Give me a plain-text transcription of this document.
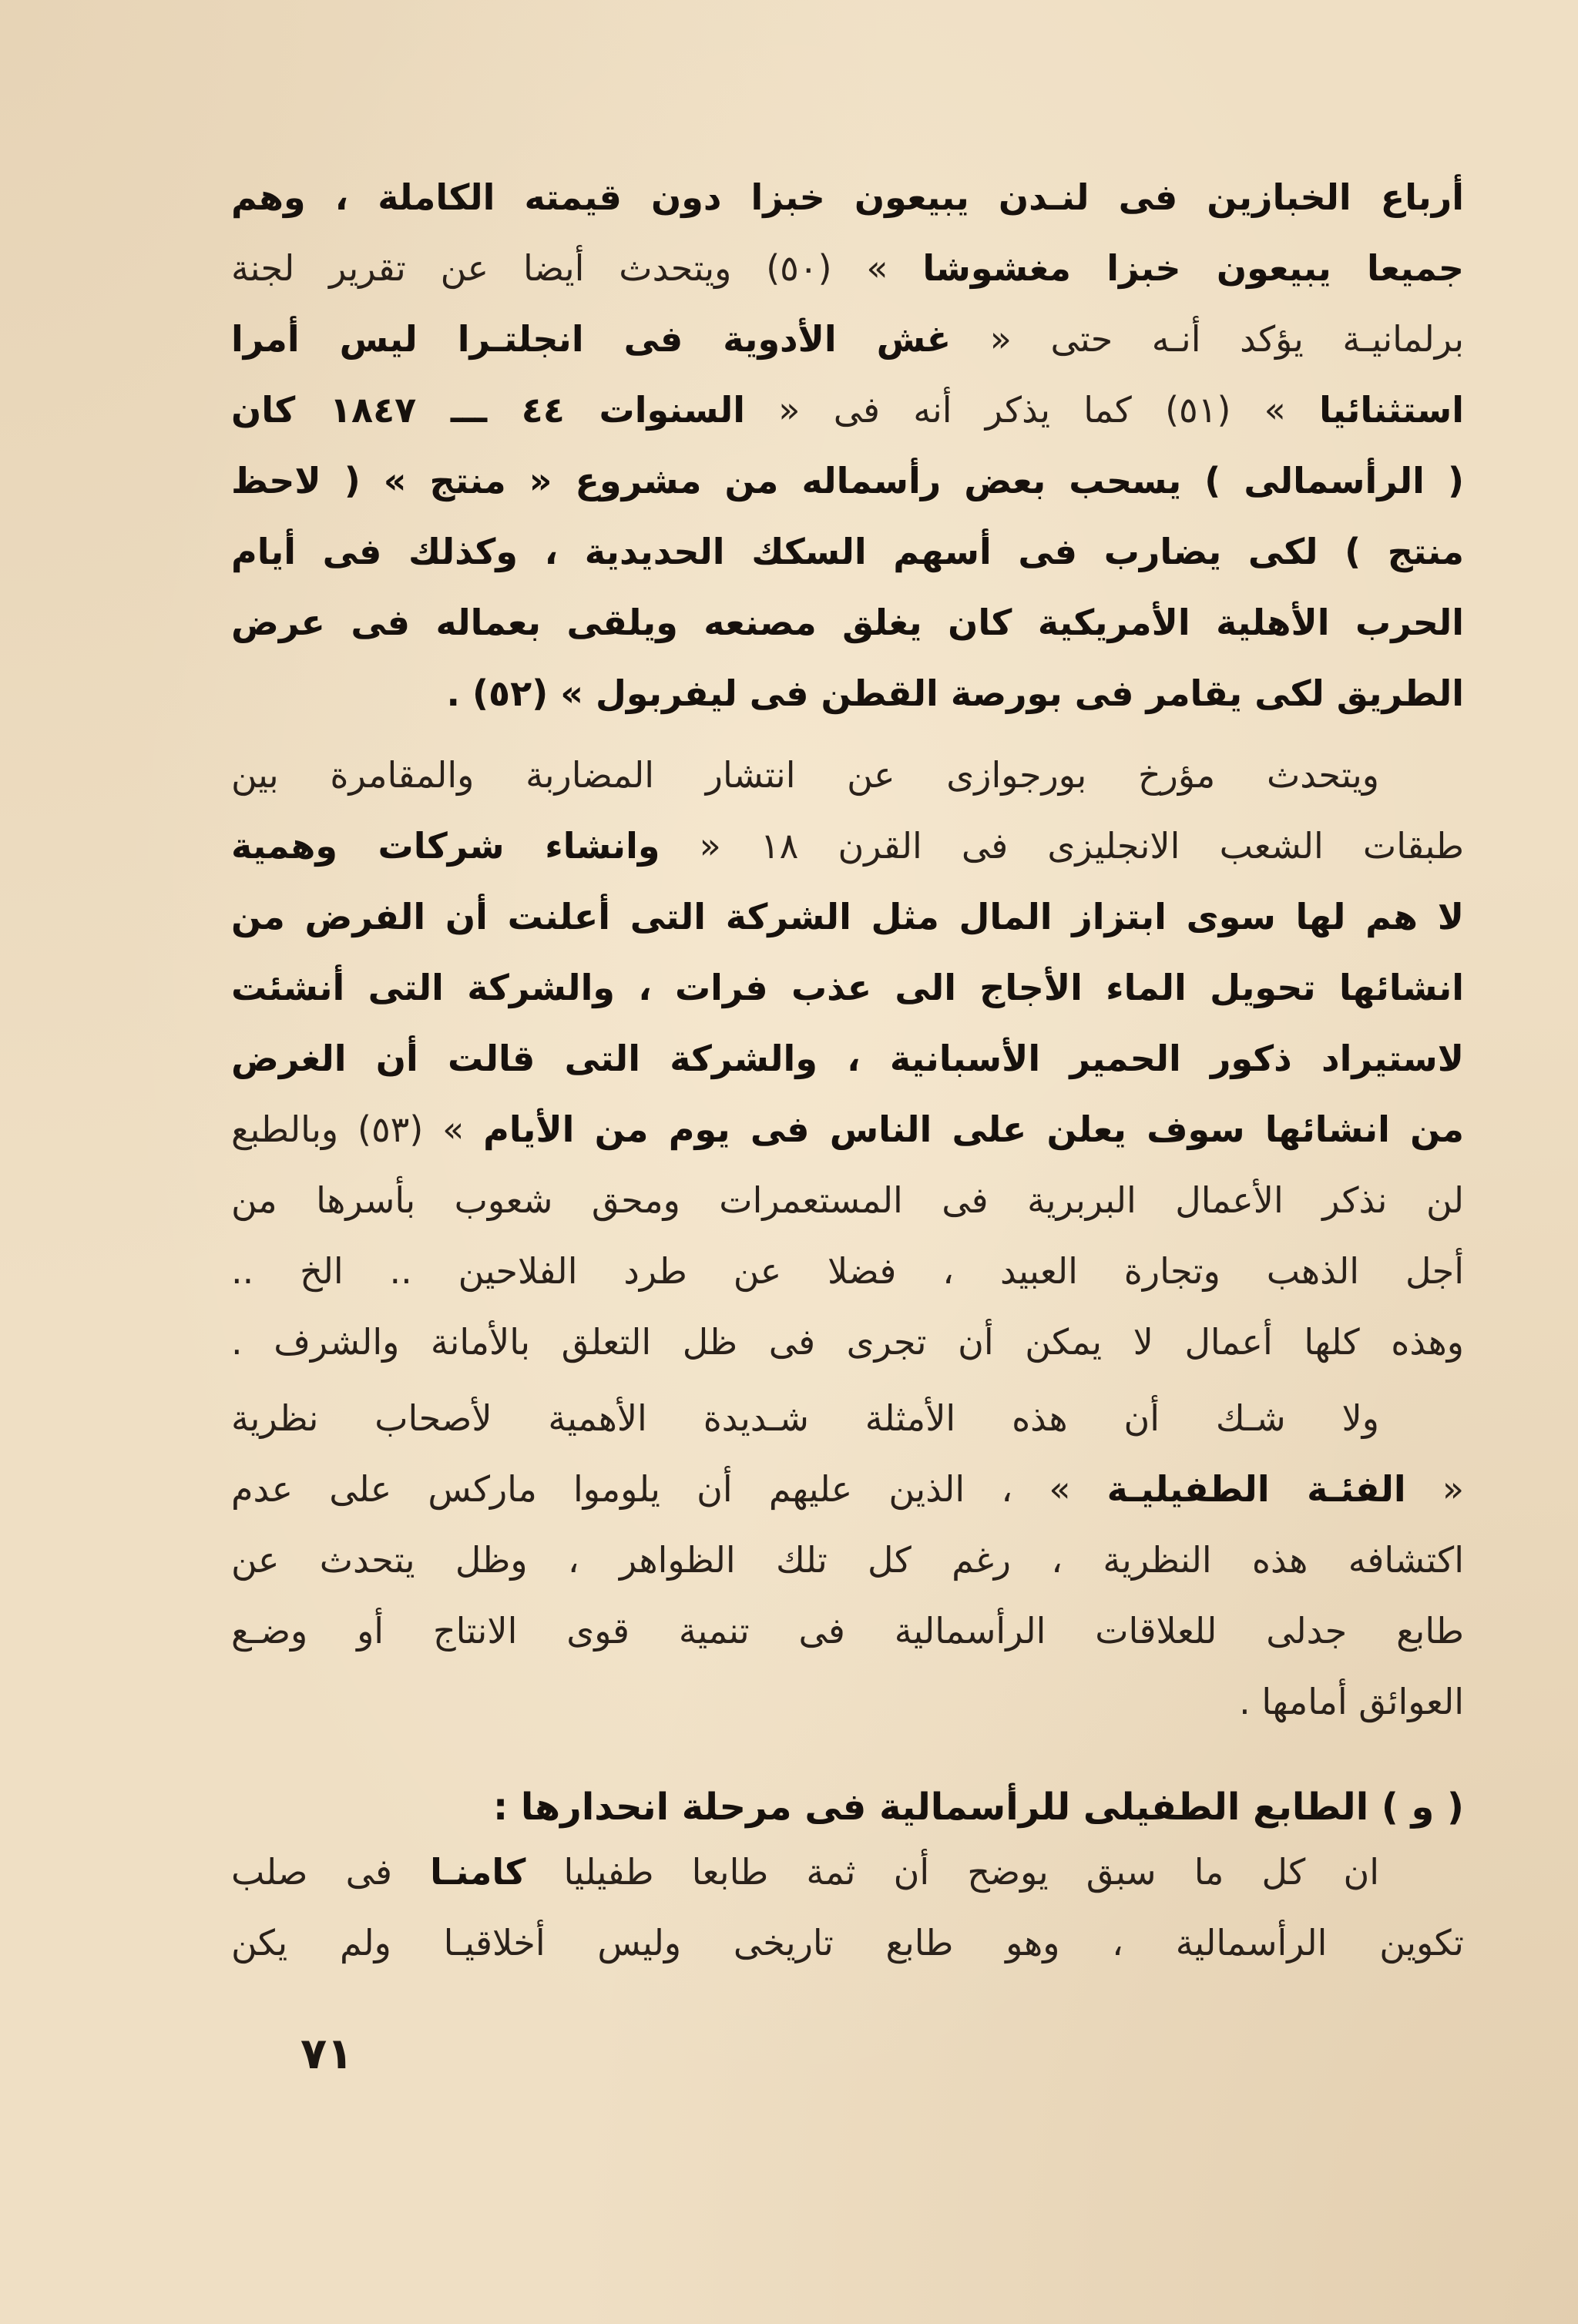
أرباع الخبازين فى لنـدن يبيعون خبزا دون قيمته الكاملة ، وهم
جميعا يبيعون خبزا مغشوشا » (٥٠) ويتحدث أيضا عن تقرير لجنة
برلمانيـة يؤكد أنـه حتى « غش الأدوية فى انجلتـرا ليس أمرا
استثنائيا » (٥١) كما يذكر أنه فى « السنوات ٤٤ ـــ ١٨٤٧ كان
( الرأسمالى ) يسحب بعض رأسماله من مشروع « منتج » ( لاحظ
منتج ) لكى يضارب فى أسهم السكك الحديدية ، وكذلك فى أيام
الحرب الأهلية الأمريكية كان يغلق مصنعه ويلقى بعماله فى عرض
الطريق لكى يقامر فى بورصة القطن فى ليفربول » (٥٢) .
ويتحدث مؤرخ بورجوازى عن انتشار المضاربة والمقامرة بين
طبقات الشعب الانجليزى فى القرن ١٨ « وانشاء شركات وهمية
لا هم لها سوى ابتزاز المال مثل الشركة التى أعلنت أن الفرض من
انشائها تحويل الماء الأجاج الى عذب فرات ، والشركة التى أنشئت
لاستيراد ذكور الحمير الأسبانية ، والشركة التى قالت أن الغرض
من انشائها سوف يعلن على الناس فى يوم من الأيام » (٥٣) وبالطبع
لن نذكر الأعمال البربرية فى المستعمرات ومحق شعوب بأسرها من
أجل الذهب وتجارة العبيد ، فضلا عن طرد الفلاحين .. الخ ..
وهذه كلها أعمال لا يمكن أن تجرى فى ظل التعلق بالأمانة والشرف .
ولا شـك أن هذه الأمثلة شـديدة الأهمية لأصحاب نظرية
« الفئـة الطفيليـة » ، الذين عليهم أن يلوموا ماركس على عدم
اكتشافه هذه النظرية ، رغم كل تلك الظواهر ، وظل يتحدث عن
طابع جدلى للعلاقات الرأسمالية فى تنمية قوى الانتاج أو وضـع
العوائق أمامها .
( و ) الطابع الطفيلى للرأسمالية فى مرحلة انحدارها :
ان كل ما سبق يوضح أن ثمة طابعا طفيليا كامنـا فى صلب
تكوين الرأسمالية ، وهو طابع تاريخى وليس أخلاقيـا ولم يكن
٧١
